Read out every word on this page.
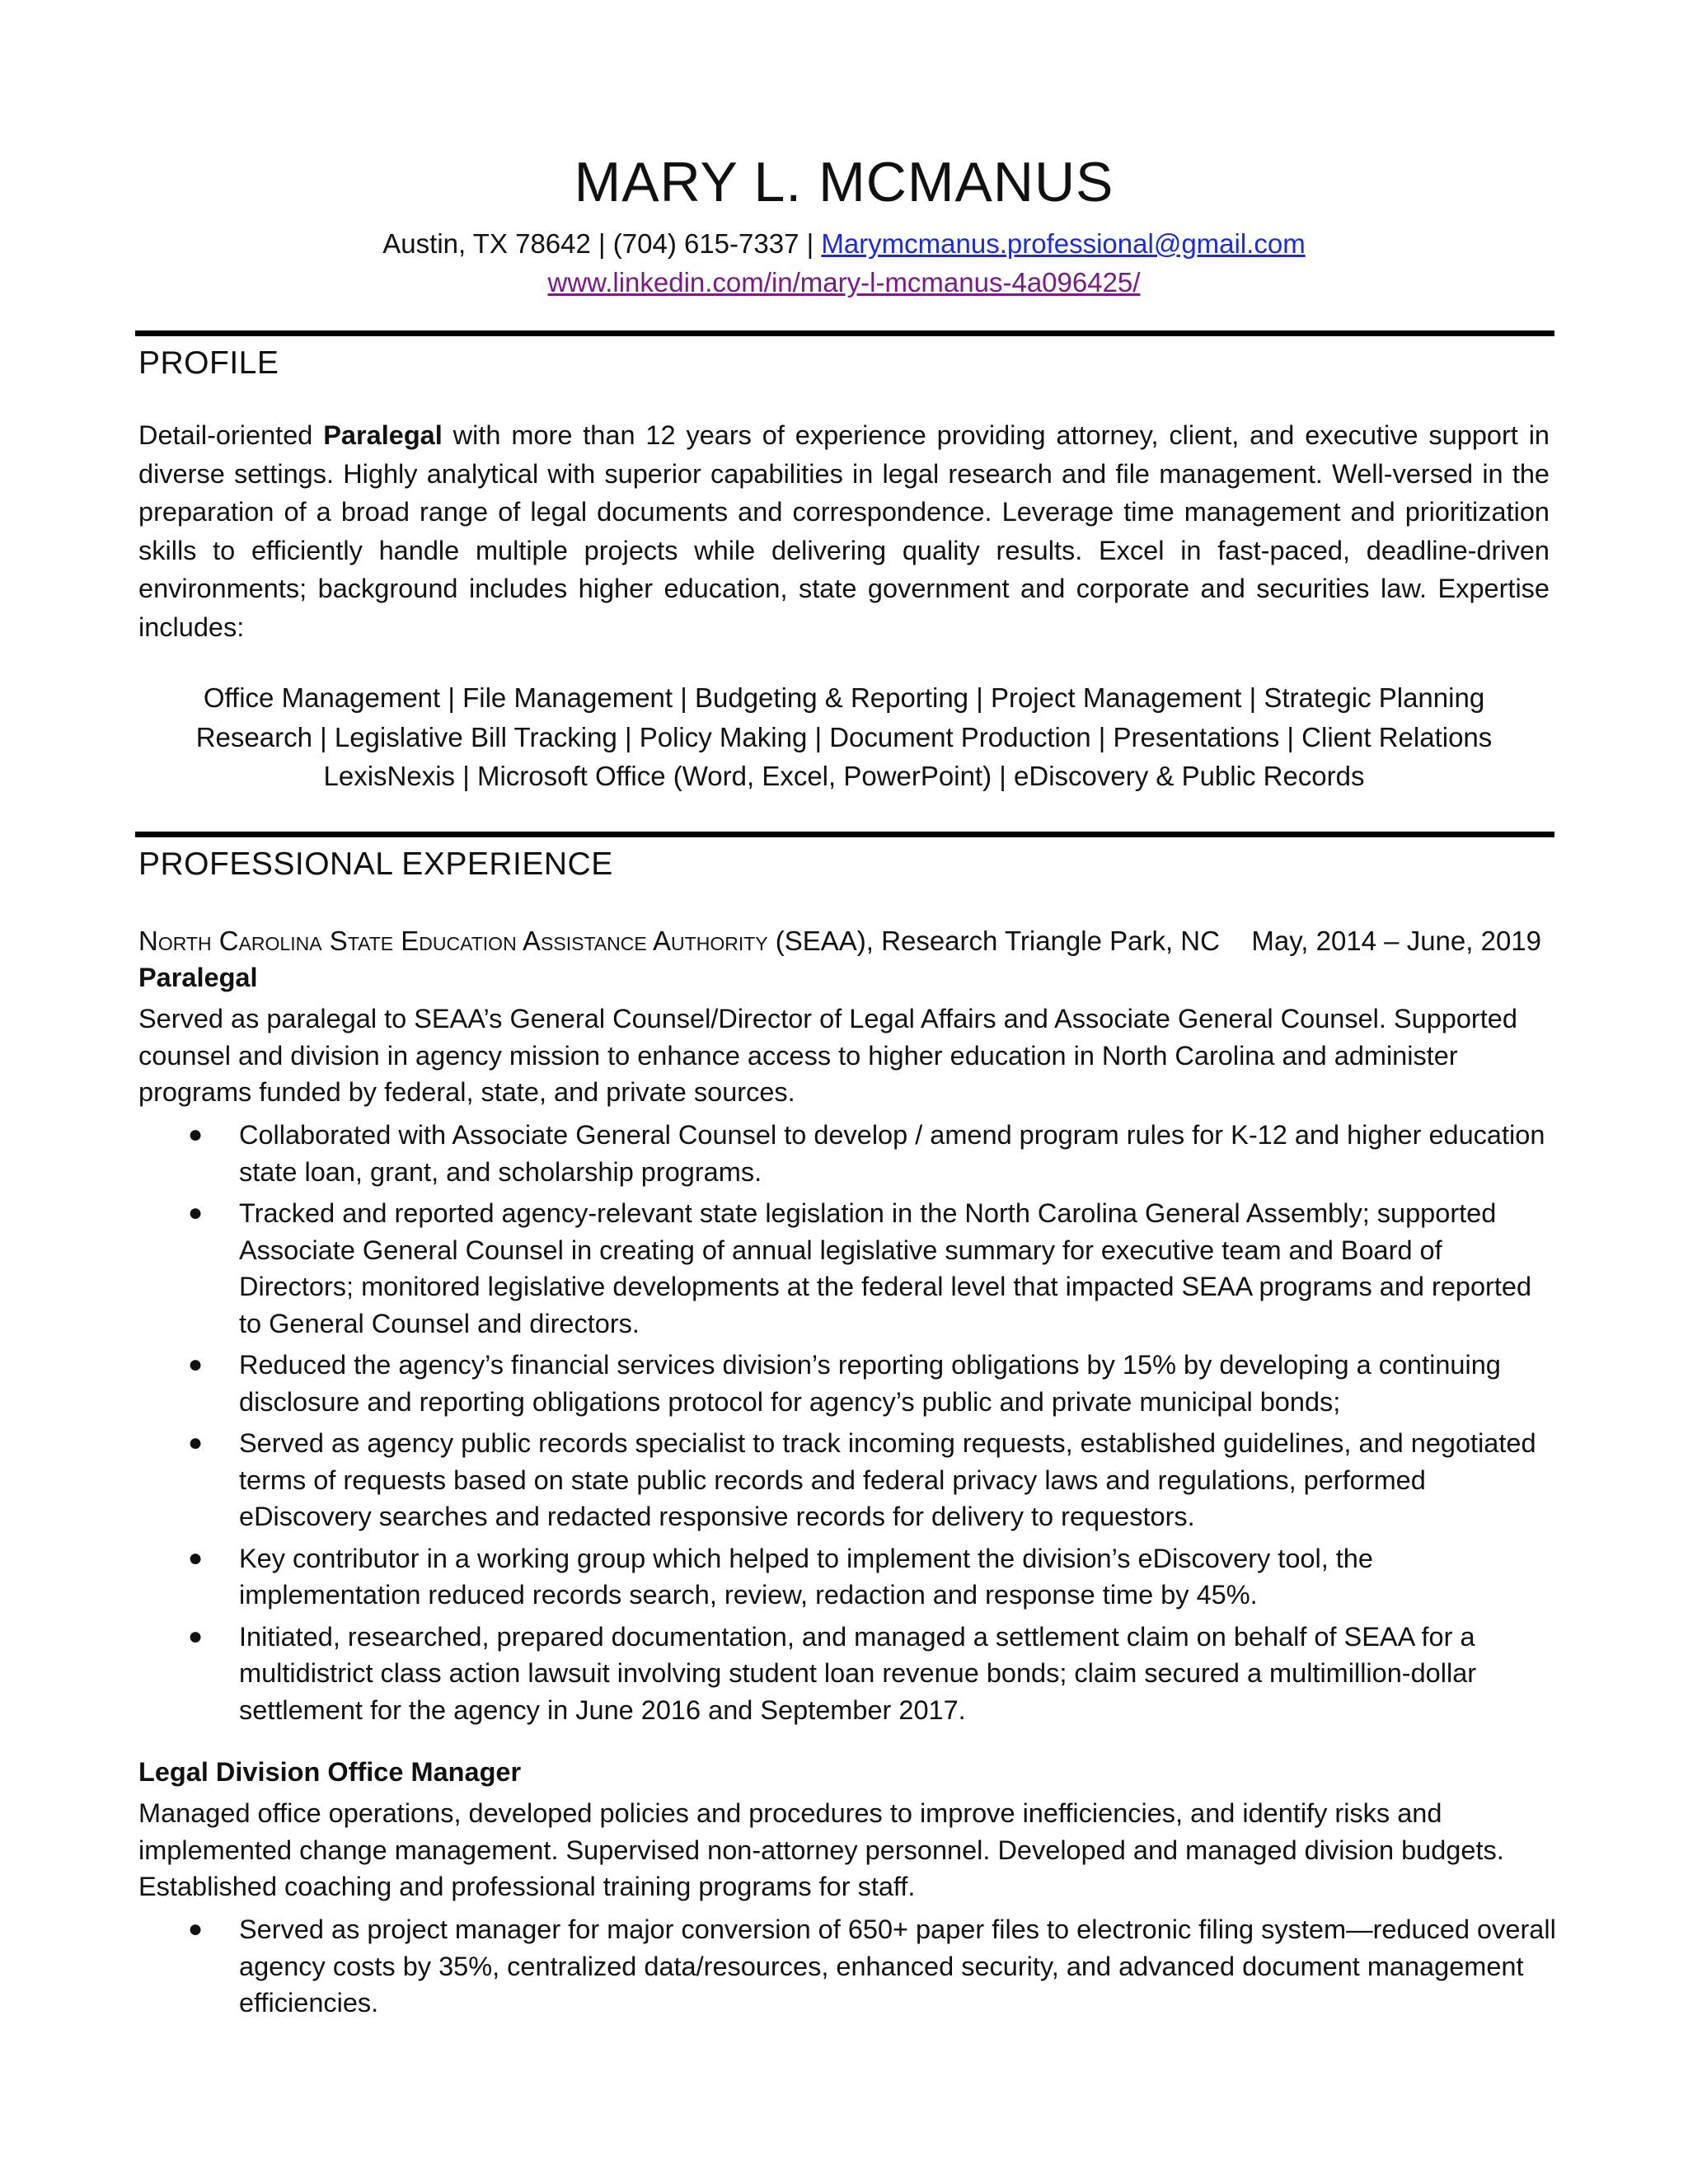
MARY L. MCMANUS
Austin, TX 78642 | (704) 615-7337 | Marymcmanus.professional@gmail.com
www.linkedin.com/in/mary-l-mcmanus-4a096425/
PROFILE

Detail-oriented Paralegal with more than 12 years of experience providing attorney, client, and executive support in diverse settings. Highly analytical with superior capabilities in legal research and file management. Well-versed in the preparation of a broad range of legal documents and correspondence. Leverage time management and prioritization skills to efficiently handle multiple projects while delivering quality results. Excel in fast-paced, deadline-driven environments; background includes higher education, state government and corporate and securities law. Expertise includes:

Office Management | File Management | Budgeting & Reporting | Project Management | Strategic Planning
Research | Legislative Bill Tracking | Policy Making | Document Production | Presentations | Client Relations
LexisNexis | Microsoft Office (Word, Excel, PowerPoint) | eDiscovery & Public Records
PROFESSIONAL EXPERIENCE
North Carolina State Education Assistance Authority (SEAA), Research Triangle Park, NC May, 2014 – June, 2019
Paralegal

Served as paralegal to SEAA’s General Counsel/Director of Legal Affairs and Associate General Counsel. Supported counsel and division in agency mission to enhance access to higher education in North Carolina and administer programs funded by federal, state, and private sources.

● Collaborated with Associate General Counsel to develop / amend program rules for K-12 and higher education state loan, grant, and scholarship programs.
● Tracked and reported agency-relevant state legislation in the North Carolina General Assembly; supported Associate General Counsel in creating of annual legislative summary for executive team and Board of Directors; monitored legislative developments at the federal level that impacted SEAA programs and reported to General Counsel and directors.
● Reduced the agency’s financial services division’s reporting obligations by 15% by developing a continuing disclosure and reporting obligations protocol for agency’s public and private municipal bonds;
● Served as agency public records specialist to track incoming requests, established guidelines, and negotiated terms of requests based on state public records and federal privacy laws and regulations, performed eDiscovery searches and redacted responsive records for delivery to requestors.
● Key contributor in a working group which helped to implement the division’s eDiscovery tool, the implementation reduced records search, review, redaction and response time by 45%.
● Initiated, researched, prepared documentation, and managed a settlement claim on behalf of SEAA for a multidistrict class action lawsuit involving student loan revenue bonds; claim secured a multimillion-dollar settlement for the agency in June 2016 and September 2017.
Legal Division Office Manager

Managed office operations, developed policies and procedures to improve inefficiencies, and identify risks and implemented change management. Supervised non-attorney personnel. Developed and managed division budgets. Established coaching and professional training programs for staff.

● Served as project manager for major conversion of 650+ paper files to electronic filing system—reduced overall agency costs by 35%, centralized data/resources, enhanced security, and advanced document management efficiencies.
